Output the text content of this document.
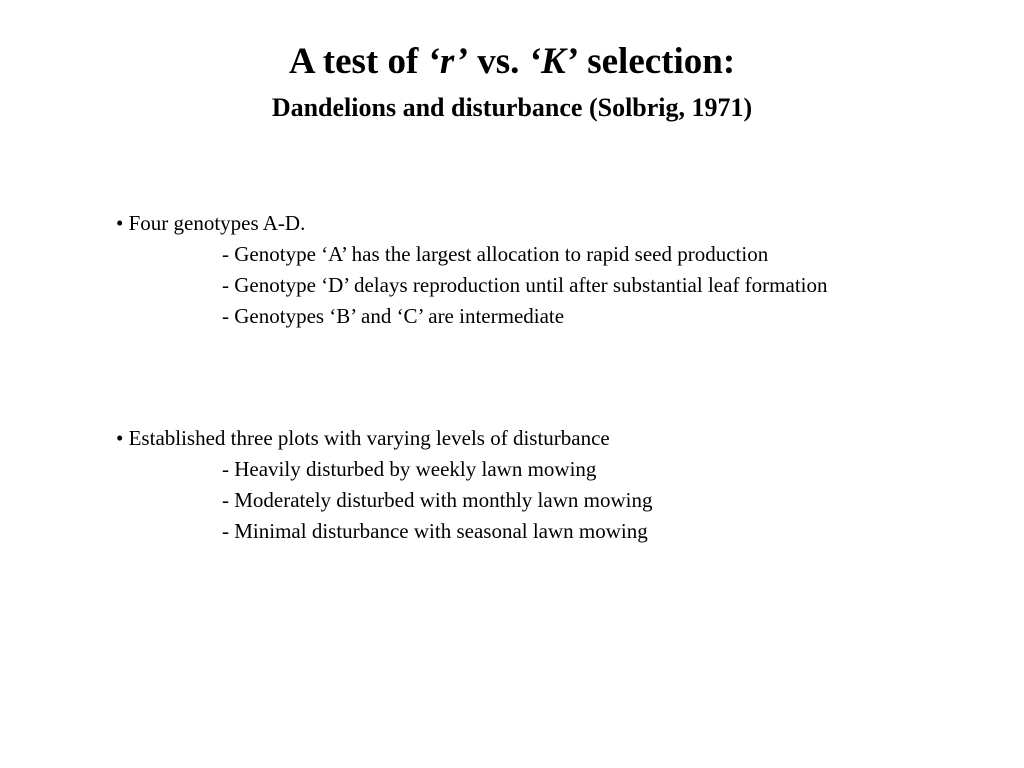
A test of ‘r’ vs. ‘K’ selection:
Dandelions and disturbance (Solbrig, 1971)
• Four genotypes A-D.
- Genotype ‘A’ has the largest allocation to rapid seed production
- Genotype ‘D’ delays reproduction until after substantial leaf formation
- Genotypes ‘B’ and ‘C’ are intermediate
• Established three plots with varying levels of disturbance
- Heavily disturbed by weekly lawn mowing
- Moderately disturbed with monthly lawn mowing
- Minimal disturbance with seasonal lawn mowing
